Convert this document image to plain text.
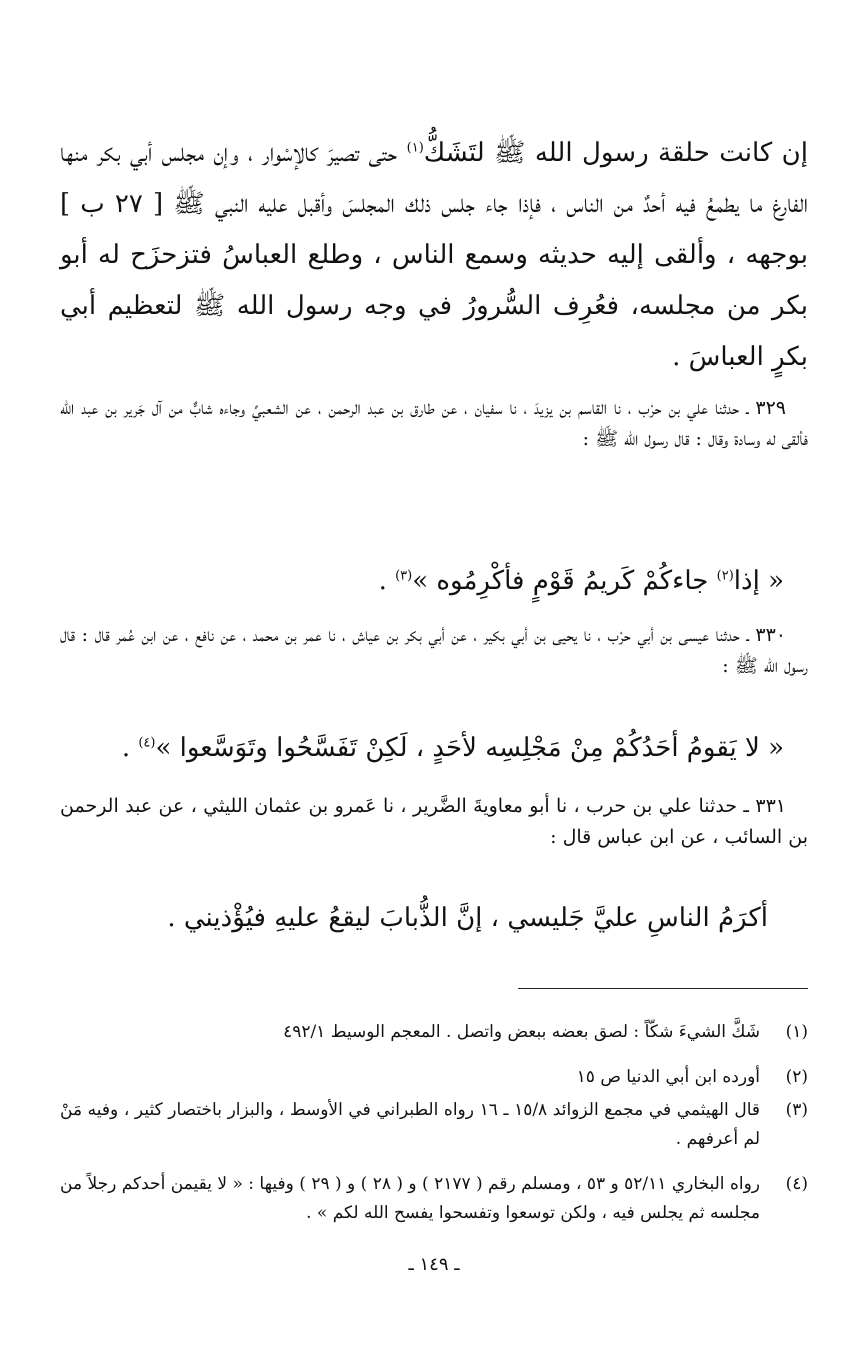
إن كانت حلقة رسول الله ﷺ لتَشَكُّ$^{(١)}$ حتى تصيرَ كالإسْوار ، وإن مجلس أبي بكر منها الفارغ ما يطمعُ فيه أحدٌ من الناس ، فإذا جاء جلس ذلك المجلسَ وأقبل عليه النبي ﷺ [ ٢٧ ب ] بوجهه ، وألقى إليه حديثه وسمع الناس ، وطلع العباسُ فتزحزَح له أبو بكر من مجلسه، فعُرِف السُّرورُ في وجه رسول الله ﷺ لتعظيم أبي بكرٍ العباسَ .

٣٢٩ ـ حدثنا علي بن حرْب ، نا القاسم بن يزيدَ ، نا سفيان ، عن طارق بن عبد الرحمن ، عن الشعبيِّ وجاءه شابٌّ من آل جَرير بن عبد الله فألقى له وسادة وقال : قال رسول الله ﷺ :

« إذا$^{(٢)}$ جاءكُمْ كَريمُ قَوْمٍ فأكْرِمُوه »$^{(٣)}$ .

٣٣٠ ـ حدثنا عيسى بن أبي حرْب ، نا يحيى بن أبي بكير ، عن أبي بكر بن عياش ، نا عمر بن محمد ، عن نافع ، عن ابن عُمر قال : قال رسول الله ﷺ :

« لا يَقومُ أحَدُكُمْ مِنْ مَجْلِسِه لأحَدٍ ، لَكِنْ تَفَسَّحُوا وتَوَسَّعوا »$^{(٤)}$ .

٣٣١ ـ حدثنا علي بن حرب ، نا أبو معاويةَ الضَّرير ، نا عَمرو بن عثمان الليثي ، عن عبد الرحمن بن السائب ، عن ابن عباس قال :

أكرَمُ الناسِ عليَّ جَليسي ، إنَّ الذُّبابَ ليقعُ عليهِ فيُؤْذيني .

(١)
شَكَّ الشيءَ شكّاً : لصق بعضه ببعض واتصل . المعجم الوسيط ٤٩٢/١
(٢)
أورده ابن أبي الدنيا ص ١٥
(٣)
قال الهيثمي في مجمع الزوائد ١٥/٨ ـ ١٦ رواه الطبراني في الأوسط ، والبزار باختصار كثير ، وفيه مَنْ لم أعرفهم .
(٤)
رواه البخاري ٥٢/١١ و ٥٣ ، ومسلم رقم ( ٢١٧٧ ) و ( ٢٨ ) و ( ٢٩ ) وفيها : « لا يقيمن أحدكم رجلاً من مجلسه ثم يجلس فيه ، ولكن توسعوا وتفسحوا يفسح الله لكم » .
ـ ١٤٩ ـ
